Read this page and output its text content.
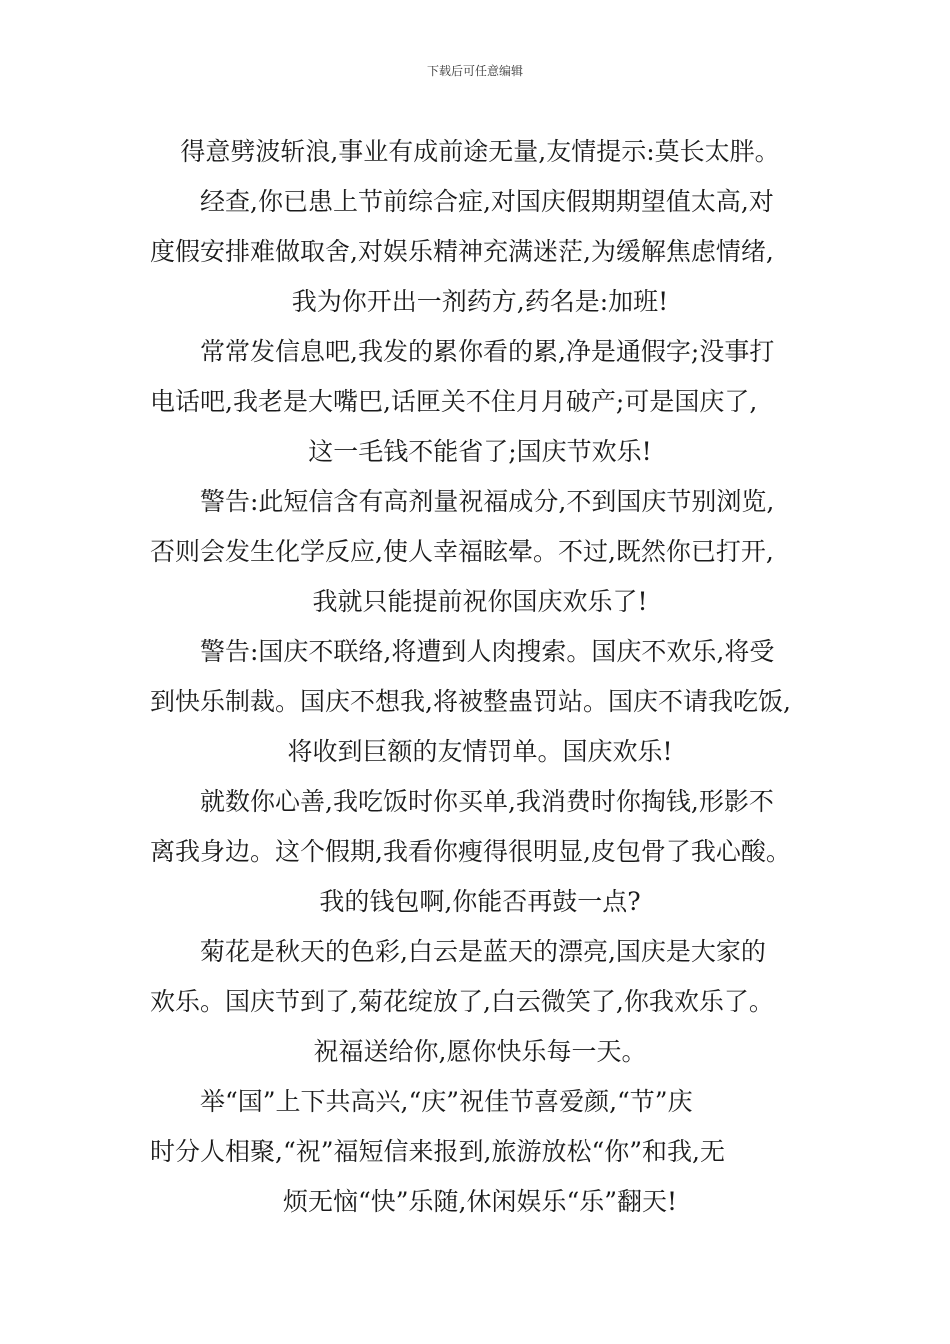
下载后可任意编辑
得意劈波斩浪,事业有成前途无量,友情提示:莫长太胖。
经查,你已患上节前综合症,对国庆假期期望值太高,对
度假安排难做取舍,对娱乐精神充满迷茫,为缓解焦虑情绪,
我为你开出一剂药方,药名是:加班!
常常发信息吧,我发的累你看的累,净是通假字;没事打
电话吧,我老是大嘴巴,话匣关不住月月破产;可是国庆了,
这一毛钱不能省了;国庆节欢乐!
警告:此短信含有高剂量祝福成分,不到国庆节别浏览,
否则会发生化学反应,使人幸福眩晕。不过,既然你已打开,
我就只能提前祝你国庆欢乐了!
警告:国庆不联络,将遭到人肉搜索。国庆不欢乐,将受
到快乐制裁。国庆不想我,将被整蛊罚站。国庆不请我吃饭,
将收到巨额的友情罚单。国庆欢乐!
就数你心善,我吃饭时你买单,我消费时你掏钱,形影不
离我身边。这个假期,我看你瘦得很明显,皮包骨了我心酸。
我的钱包啊,你能否再鼓一点?
菊花是秋天的色彩,白云是蓝天的漂亮,国庆是大家的
欢乐。国庆节到了,菊花绽放了,白云微笑了,你我欢乐了。
祝福送给你,愿你快乐每一天。
举“国”上下共高兴,“庆”祝佳节喜爱颜,“节”庆
时分人相聚,“祝”福短信来报到,旅游放松“你”和我,无
烦无恼“快”乐随,休闲娱乐“乐”翻天!
